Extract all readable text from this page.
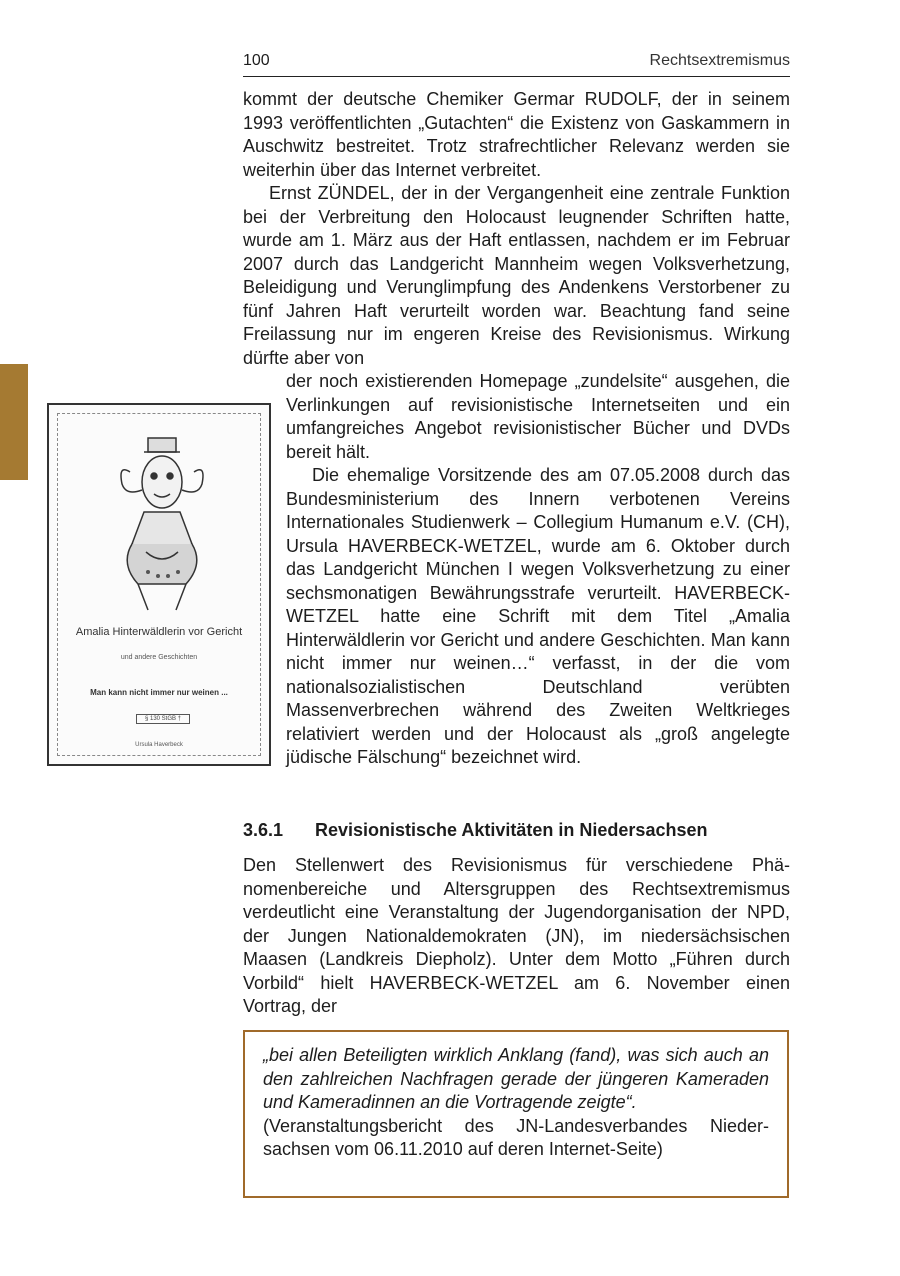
100	Rechtsextremismus

kommt der deutsche Chemiker Germar RUDOLF, der in seinem 1993 veröffentlichten „Gutachten“ die Existenz von Gaskammern in Auschwitz bestreitet. Trotz strafrechtlicher Relevanz werden sie weiterhin über das Internet verbreitet.

Ernst ZÜNDEL, der in der Vergangenheit eine zentrale Funktion bei der Verbreitung den Holocaust leugnender Schriften hatte, wurde am 1. März aus der Haft entlassen, nachdem er im Februar 2007 durch das Landgericht Mannheim wegen Volksverhetzung, Beleidigung und Verunglimpfung des Andenkens Verstorbener zu fünf Jahren Haft verurteilt worden war. Beachtung fand seine Freilassung nur im engeren Kreise des Revisionismus. Wirkung dürfte aber von

der noch existierenden Homepage „zundelsite“ ausgehen, die Verlinkungen auf revisionistische Internetseiten und ein umfangreiches Angebot revisionistischer Bücher und DVDs bereit hält.

Die ehemalige Vorsitzende des am 07.05.2008 durch das Bundesministerium des Innern verbotenen Vereins Internationales Studienwerk – Collegium Humanum e.V. (CH), Ursula HAVERBECK-WETZEL, wurde am 6. Oktober durch das Landgericht München I wegen Volksverhetzung zu einer sechsmonatigen Bewährungsstrafe verurteilt. HAVERBECK-WETZEL hatte eine Schrift mit dem Titel „Amalia Hinterwäldlerin vor Gericht und andere Geschichten. Man kann nicht immer nur weinen…“ verfasst, in der die vom nationalsozialistischen Deutschland verübten Massenverbrechen während des Zweiten Weltkrieges relativiert werden und der Holocaust als „groß angelegte jüdische Fälschung“ bezeichnet wird.

Amalia Hinterwäldlerin vor Gericht
und andere Geschichten
Man kann nicht immer nur weinen ...
§ 130 StGB †
Ursula Haverbeck
3.6.1	Revisionistische Aktivitäten in Niedersachsen

Den Stellenwert des Revisionismus für verschiedene Phänomenbereiche und Altersgruppen des Rechtsextremismus verdeutlicht eine Veranstaltung der Jugendorganisation der NPD, der Jungen Nationaldemokraten (JN), im niedersächsischen Maasen (Landkreis Diepholz). Unter dem Motto „Führen durch Vorbild“ hielt HAVERBECK-WETZEL am 6. November einen Vortrag, der

„bei allen Beteiligten wirklich Anklang (fand), was sich auch an den zahlreichen Nachfragen gerade der jüngeren Kameraden und Kameradinnen an die Vortragende zeigte“.

(Veranstaltungsbericht des JN-Landesverbandes Niedersachsen vom 06.11.2010 auf deren Internet-Seite)
